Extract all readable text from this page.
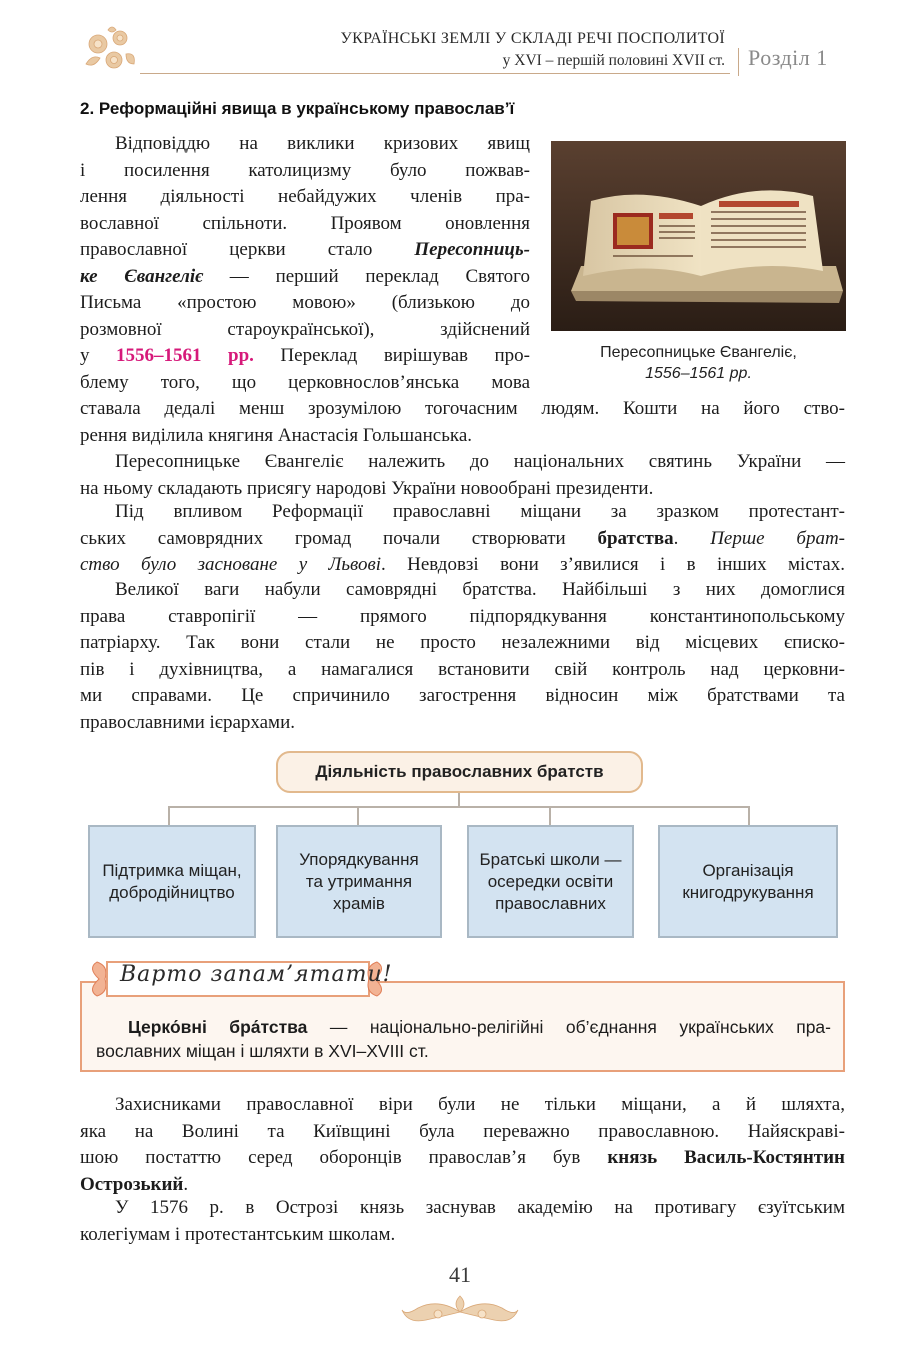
УКРАЇНСЬКІ ЗЕМЛІ У СКЛАДІ РЕЧІ ПОСПОЛИТОЇ
у XVI – першій половині XVII ст. Розділ 1
2. Реформаційні явища в українському православ’ї
Відповіддю на виклики кризових явищ
і посилення католицизму було пожвав-
лення діяльності небайдужих членів пра-
вославної спільноти. Проявом оновлення
православної церкви стало Пересопниць-
ке Євангеліє — перший переклад Святого
Письма «простою мовою» (близькою до
розмовної староукраїнської), здійснений
у 1556–1561 рр. Переклад вирішував про-
блему того, що церковнослов’янська мова
Пересопницьке Євангеліє,
1556–1561 рр.
ставала дедалі менш зрозумілою тогочасним людям. Кошти на його ство-
рення виділила княгиня Анастасія Гольшанська.
Пересопницьке Євангеліє належить до національних святинь України —
на ньому складають присягу народові України новообрані президенти.
Під впливом Реформації православні міщани за зразком протестант-
ських самоврядних громад почали створювати братства. Перше брат-
ство було засноване у Львові. Невдовзі вони з’явилися і в інших містах.
Великої ваги набули самоврядні братства. Найбільші з них домоглися
права ставропігії — прямого підпорядкування константинопольському
патріарху. Так вони стали не просто незалежними від місцевих єписко-
пів і духівництва, а намагалися встановити свій контроль над церковни-
ми справами. Це спричинило загострення відносин між братствами та
православними ієрархами.
Діяльність православних братств
Підтримка міщан, добродійництво
Упорядкування та утримання храмів
Братські школи — осередки освіти православних
Організація книгодрукування
Варто запам’ятати!
Церко́вні бра́тства — національно-релігійні об’єднання українських пра-
вославних міщан і шляхти в XVI–XVIII ст.
Захисниками православної віри були не тільки міщани, а й шляхта,
яка на Волині та Київщині була переважно православною. Найяскраві-
шою постаттю серед оборонців православ’я був князь Василь-Костянтин
Острозький.
У 1576 р. в Острозі князь заснував академію на противагу єзуїтським
колегіумам і протестантським школам.
41
